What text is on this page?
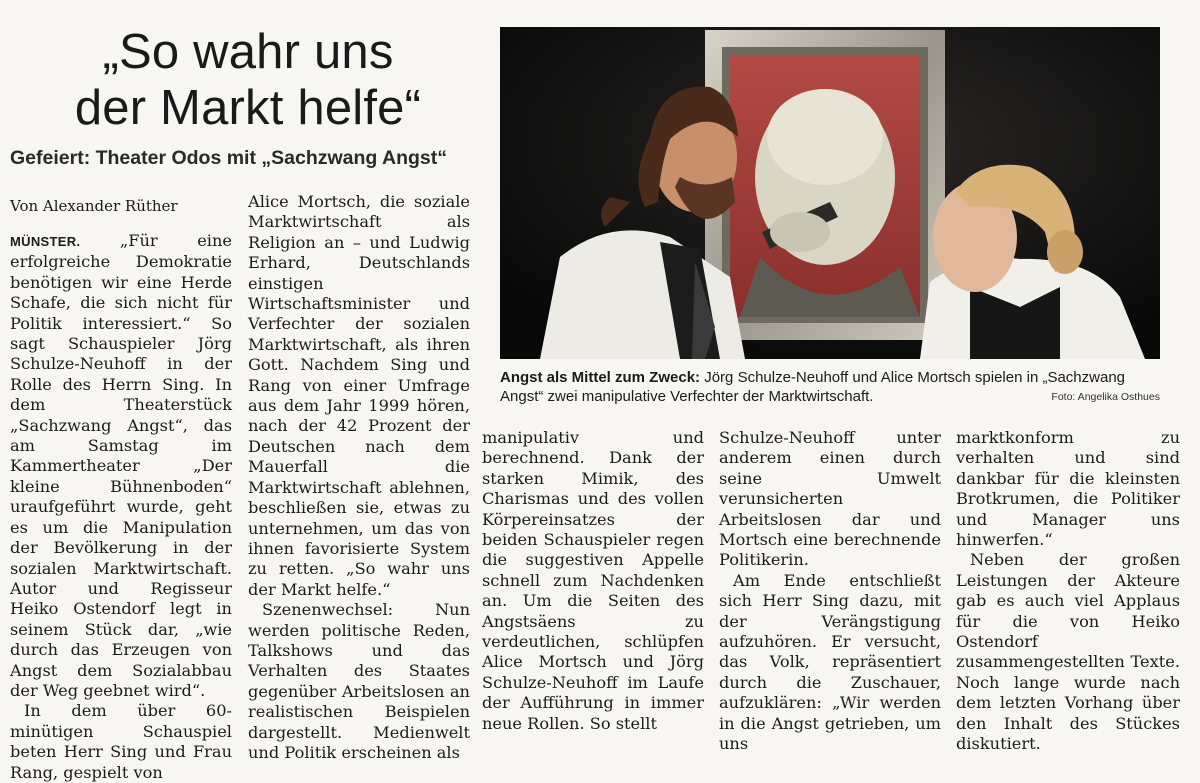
„So wahr uns
der Markt helfe“
Gefeiert: Theater Odos mit „Sachzwang Angst“
Von Alexander Rüther

MÜNSTER. „Für eine erfolgreiche Demokratie benötigen wir eine Herde Schafe, die sich nicht für Politik interessiert.“ So sagt Schauspieler Jörg Schulze-Neuhoff in der Rolle des Herrn Sing. In dem Theaterstück „Sachzwang Angst“, das am Samstag im Kammertheater „Der kleine Bühnenboden“ uraufgeführt wurde, geht es um die Manipulation der Bevölkerung in der sozialen Marktwirtschaft. Autor und Regisseur Heiko Ostendorf legt in seinem Stück dar, „wie durch das Erzeugen von Angst dem Sozialabbau der Weg geebnet wird“.

In dem über 60-minütigen Schauspiel beten Herr Sing und Frau Rang, gespielt von

Alice Mortsch, die soziale Marktwirtschaft als Religion an – und Ludwig Erhard, Deutschlands einstigen Wirtschaftsminister und Verfechter der sozialen Marktwirtschaft, als ihren Gott. Nachdem Sing und Rang von einer Umfrage aus dem Jahr 1999 hören, nach der 42 Prozent der Deutschen nach dem Mauerfall die Marktwirtschaft ablehnen, beschließen sie, etwas zu unternehmen, um das von ihnen favorisierte System zu retten. „So wahr uns der Markt helfe.“

Szenenwechsel: Nun werden politische Reden, Talkshows und das Verhalten des Staates gegenüber Arbeitslosen an realistischen Beispielen dargestellt. Medienwelt und Politik erscheinen als

Angst als Mittel zum Zweck: Jörg Schulze-Neuhoff und Alice Mortsch spielen in „Sachzwang Angst“ zwei manipulative Verfechter der Marktwirtschaft.	Foto: Angelika Osthues

manipulativ und berechnend. Dank der starken Mimik, des Charismas und des vollen Körpereinsatzes der beiden Schauspieler regen die suggestiven Appelle schnell zum Nachdenken an. Um die Seiten des Angstsäens zu verdeutlichen, schlüpfen Alice Mortsch und Jörg Schulze-Neuhoff im Laufe der Aufführung in immer neue Rollen. So stellt

Schulze-Neuhoff unter anderem einen durch seine Umwelt verunsicherten Arbeitslosen dar und Mortsch eine berechnende Politikerin.

Am Ende entschließt sich Herr Sing dazu, mit der Verängstigung aufzuhören. Er versucht, das Volk, repräsentiert durch die Zuschauer, aufzuklären: „Wir werden in die Angst getrieben, um uns

marktkonform zu verhalten und sind dankbar für die kleinsten Brotkrumen, die Politiker und Manager uns hinwerfen.“

Neben der großen Leistungen der Akteure gab es auch viel Applaus für die von Heiko Ostendorf zusammengestellten Texte. Noch lange wurde nach dem letzten Vorhang über den Inhalt des Stückes diskutiert.
